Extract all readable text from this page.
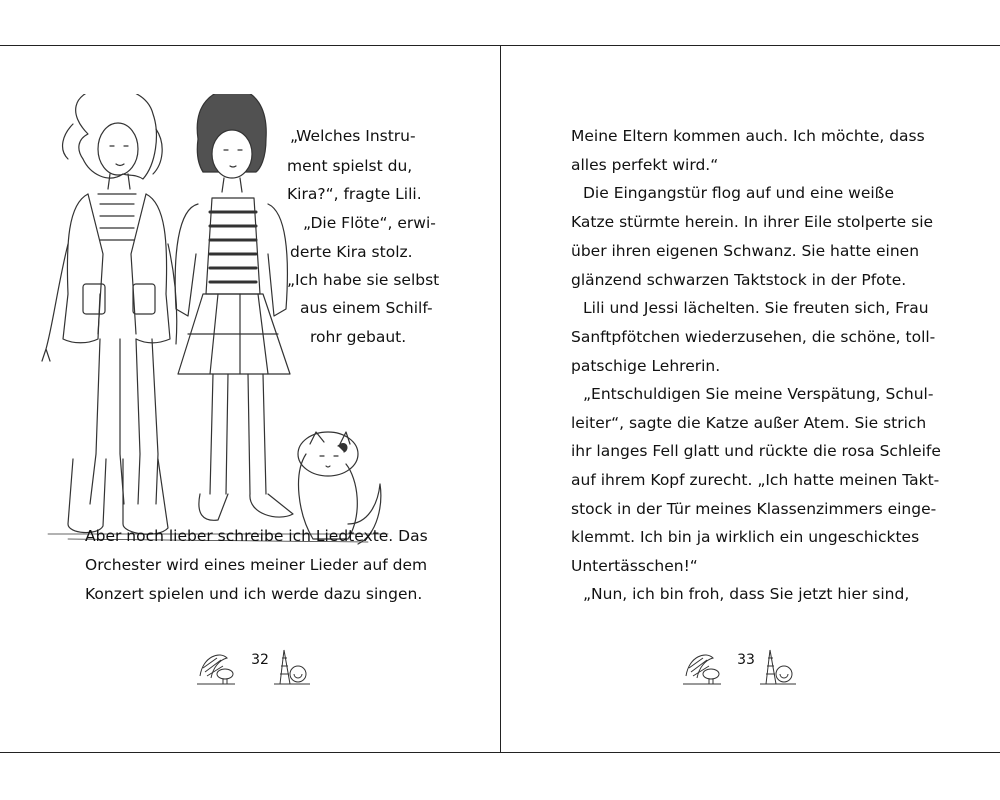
„Welches Instru-
ment spielst du,
Kira?“, fragte Lili.
„Die Flöte“, erwi-
derte Kira stolz.
„Ich habe sie selbst
aus einem Schilf-
rohr gebaut.
Aber noch lieber schreibe ich Liedtexte. Das
Orchester wird eines meiner Lieder auf dem
Konzert spielen und ich werde dazu singen.
32
Meine Eltern kommen auch. Ich möchte, dass
alles perfekt wird.“
Die Eingangstür flog auf und eine weiße
Katze stürmte herein. In ihrer Eile stolperte sie
über ihren eigenen Schwanz. Sie hatte einen
glänzend schwarzen Taktstock in der Pfote.
Lili und Jessi lächelten. Sie freuten sich, Frau
Sanftpfötchen wiederzusehen, die schöne, toll-
patschige Lehrerin.
„Entschuldigen Sie meine Verspätung, Schul-
leiter“, sagte die Katze außer Atem. Sie strich
ihr langes Fell glatt und rückte die rosa Schleife
auf ihrem Kopf zurecht. „Ich hatte meinen Takt-
stock in der Tür meines Klassenzimmers einge-
klemmt. Ich bin ja wirklich ein ungeschicktes
Untertässchen!“
„Nun, ich bin froh, dass Sie jetzt hier sind,
33
